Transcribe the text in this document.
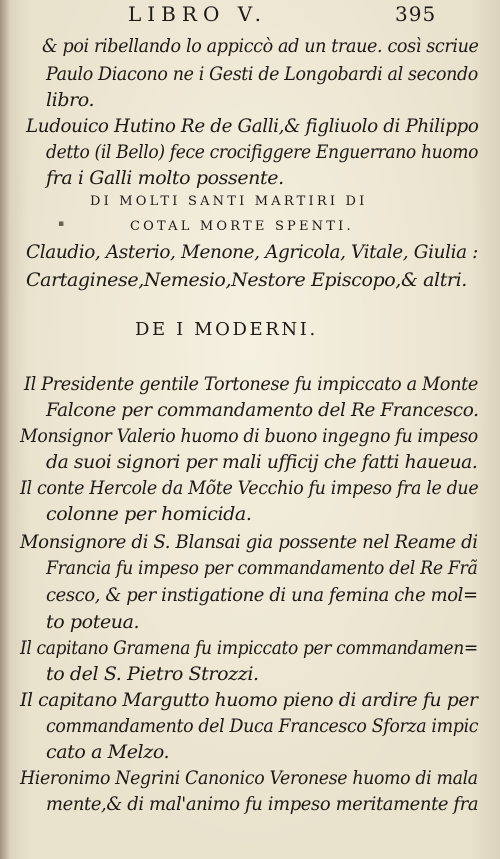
LIBRO V.	395
& poi ribellando lo appiccò ad un traue. così scriue
Paulo Diacono ne i Gesti de Longobardi al secondo
libro.
Ludouico Hutino Re de Galli,& figliuolo di Philippo
detto (il Bello) fece crocifiggere Enguerrano huomo
fra i Galli molto possente.
DI MOLTI SANTI MARTIRI DI
▪	COTAL MORTE SPENTI.
Claudio, Asterio, Menone, Agricola, Vitale, Giulia :
Cartaginese,Nemesio,Nestore Episcopo,& altri.
DE I MODERNI.
Il Presidente gentile Tortonese fu impiccato a Monte
Falcone per commandamento del Re Francesco.
Monsignor Valerio huomo di buono ingegno fu impeso
da suoi signori per mali ufficij che fatti haueua.
Il conte Hercole da Mõte Vecchio fu impeso fra le due
colonne per homicida.
Monsignore di S. Blansai gia possente nel Reame di
Francia fu impeso per commandamento del Re Frã
cesco, & per instigatione di una femina che mol=
to poteua.
Il capitano Gramena fu impiccato per commandamen=
to del S. Pietro Strozzi.
Il capitano Margutto huomo pieno di ardire fu per
commandamento del Duca Francesco Sforza impic
cato a Melzo.
Hieronimo Negrini Canonico Veronese huomo di mala
mente,& di mal'animo fu impeso meritamente fra
